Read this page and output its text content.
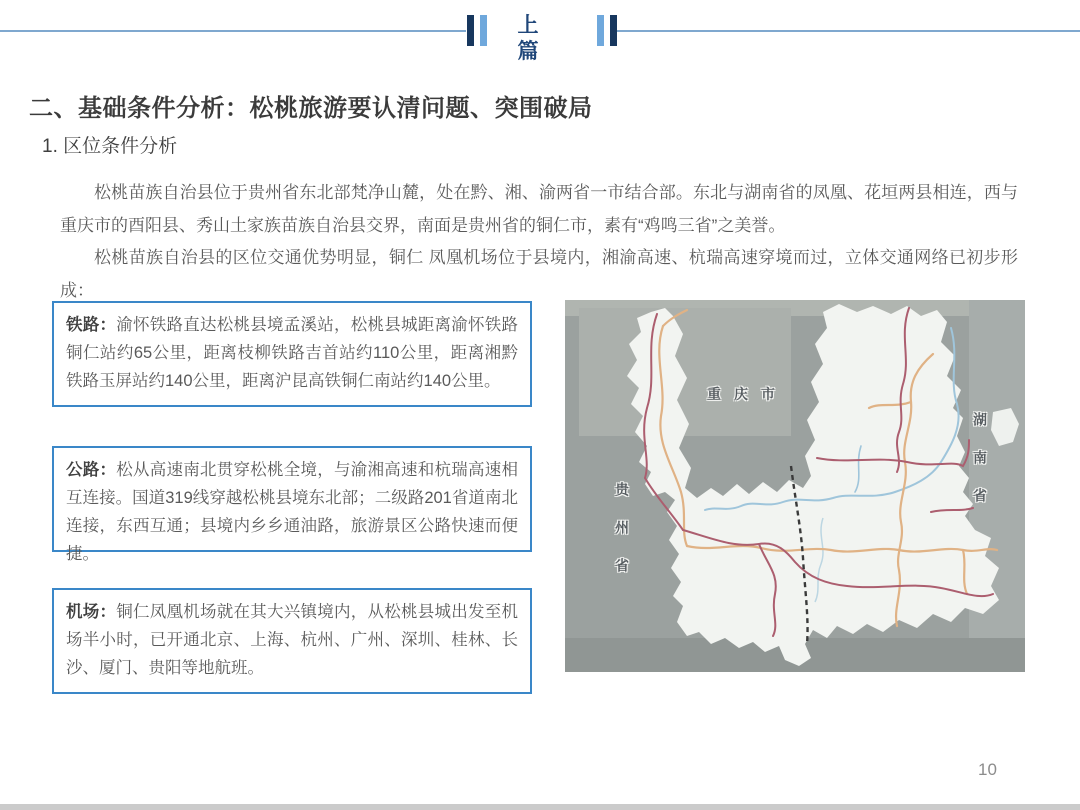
上
篇
二、基础条件分析：松桃旅游要认清问题、突围破局
1. 区位条件分析
松桃苗族自治县位于贵州省东北部梵净山麓，处在黔、湘、渝两省一市结合部。东北与湖南省的凤凰、花垣两县相连，西与重庆市的酉阳县、秀山土家族苗族自治县交界，南面是贵州省的铜仁市，素有“鸡鸣三省”之美誉。
松桃苗族自治县的区位交通优势明显，铜仁 凤凰机场位于县境内，湘渝高速、杭瑞高速穿境而过，立体交通网络已初步形成：
铁路：渝怀铁路直达松桃县境孟溪站，松桃县城距离渝怀铁路铜仁站约65公里，距离枝柳铁路吉首站约110公里，距离湘黔铁路玉屏站约140公里，距离沪昆高铁铜仁南站约140公里。
公路：松从高速南北贯穿松桃全境，与渝湘高速和杭瑞高速相互连接。国道319线穿越松桃县境东北部；二级路201省道南北连接，东西互通；县境内乡乡通油路，旅游景区公路快速而便捷。
机场：铜仁凤凰机场就在其大兴镇境内，从松桃县城出发至机场半小时，已开通北京、上海、杭州、广州、深圳、桂林、长沙、厦门、贵阳等地航班。
重庆市
湖南省
贵州省
10
